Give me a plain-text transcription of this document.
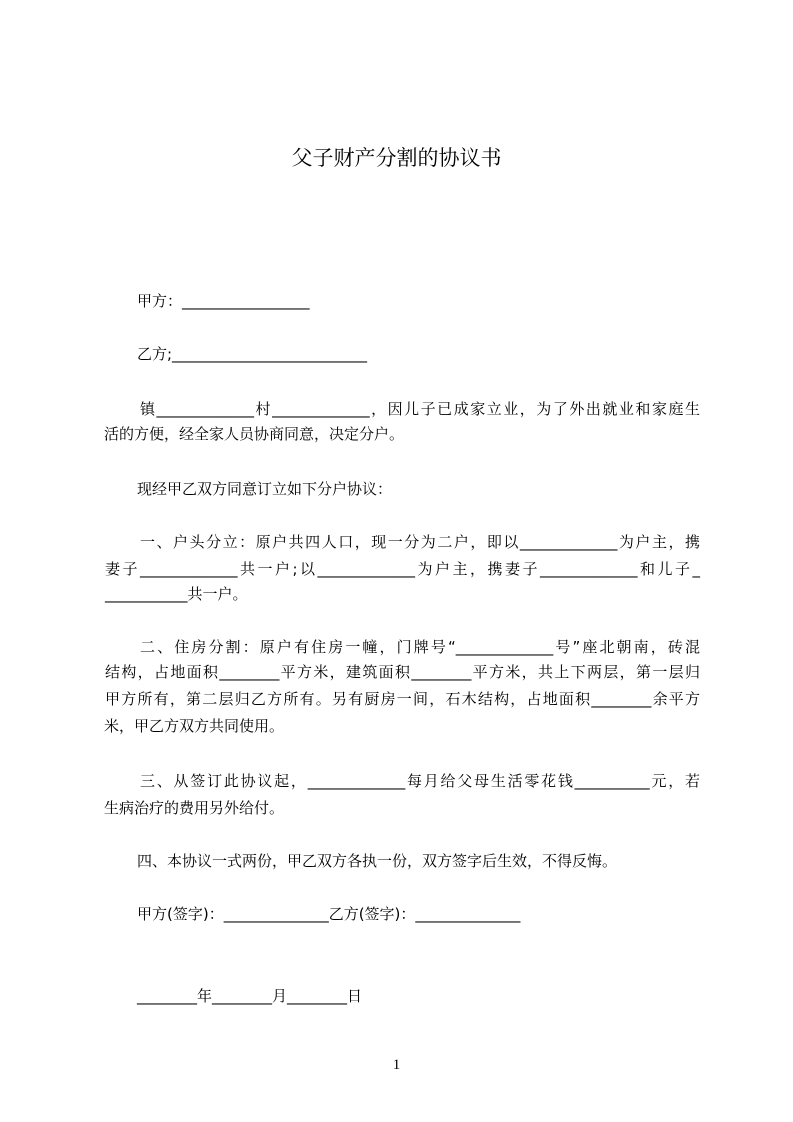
父子财产分割的协议书
甲方：_________________
乙方;__________________________
镇_____________村_____________，因儿子已成家立业，为了外出就业和家庭生
活的方便，经全家人员协商同意，决定分户。
现经甲乙双方同意订立如下分户协议：
一、户头分立：原户共四人口，现一分为二户，即以_____________为户主，携
妻子_____________共一户;以_____________为户主，携妻子_____________和儿子_
___________共一户。
二、住房分割：原户有住房一幢，门牌号“_____________号”座北朝南，砖混
结构，占地面积________平方米，建筑面积________平方米，共上下两层，第一层归
甲方所有，第二层归乙方所有。另有厨房一间，石木结构，占地面积________余平方
米，甲乙方双方共同使用。
三、从签订此协议起，_____________每月给父母生活零花钱__________元，若
生病治疗的费用另外给付。
四、本协议一式两份，甲乙双方各执一份，双方签字后生效，不得反悔。
甲方(签字)：______________乙方(签字)：______________
________年________月________日
1
